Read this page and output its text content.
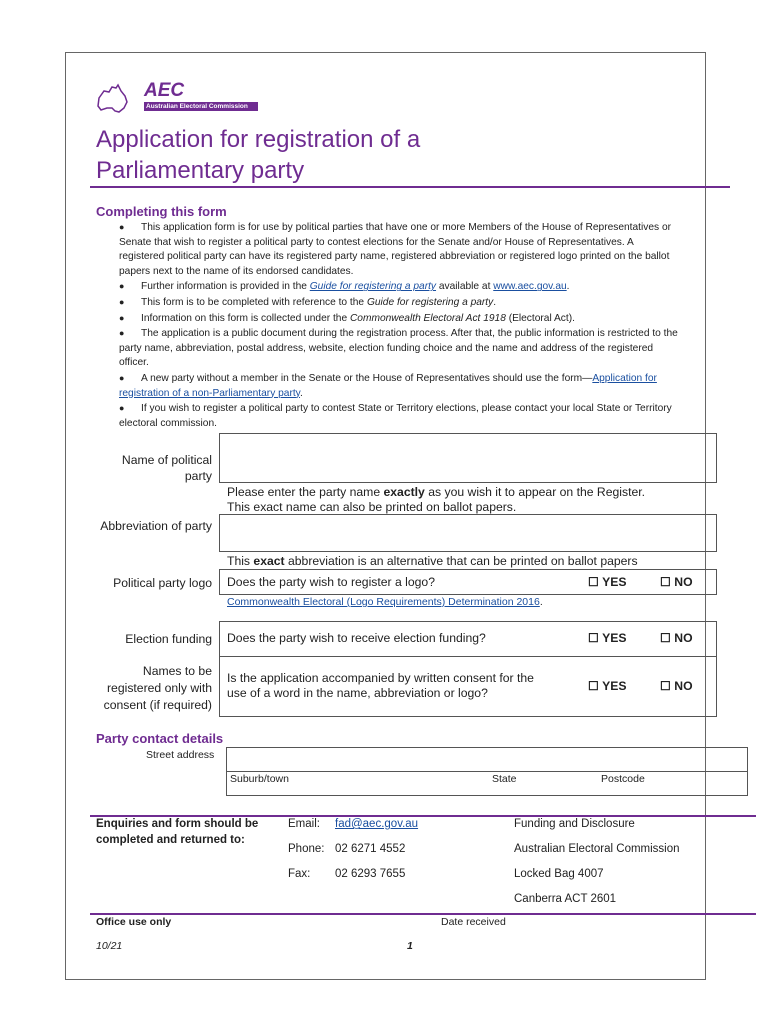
AEC
Australian Electoral Commission
Application for registration of a
Parliamentary party
Completing this form

● This application form is for use by political parties that have one or more Members of the House of Representatives or Senate that wish to register a political party to contest elections for the Senate and/or House of Representatives. A registered political party can have its registered party name, registered abbreviation or registered logo printed on the ballot papers next to the name of its endorsed candidates.

● Further information is provided in the Guide for registering a party available at www.aec.gov.au.

● This form is to be completed with reference to the Guide for registering a party.

● Information on this form is collected under the Commonwealth Electoral Act 1918 (Electoral Act).

● The application is a public document during the registration process. After that, the public information is restricted to the party name, abbreviation, postal address, website, election funding choice and the name and address of the registered officer.

● A new party without a member in the Senate or the House of Representatives should use the form—Application for registration of a non-Parliamentary party.

● If you wish to register a political party to contest State or Territory elections, please contact your local State or Territory electoral commission.

Name of political party
Please enter the party name exactly as you wish it to appear on the Register.
This exact name can also be printed on ballot papers.
Abbreviation of party
This exact abbreviation is an alternative that can be printed on ballot papers
Political party logo Does the party wish to register a logo?	☐ YES	☐ NO
Commonwealth Electoral (Logo Requirements) Determination 2016.
Election funding Does the party wish to receive election funding?	☐ YES	☐ NO
Names to be registered only with consent (if required)
Is the application accompanied by written consent for the use of a word in the name, abbreviation or logo?	☐ YES	☐ NO
Party contact details
Street address
Suburb/town	State	Postcode
Enquiries and form should be completed and returned to:
Email: fad@aec.gov.au
Phone: 02 6271 4552
Fax: 02 6293 7655
Funding and Disclosure
Australian Electoral Commission
Locked Bag 4007
Canberra ACT 2601
Office use only	Date received
10/21	1
